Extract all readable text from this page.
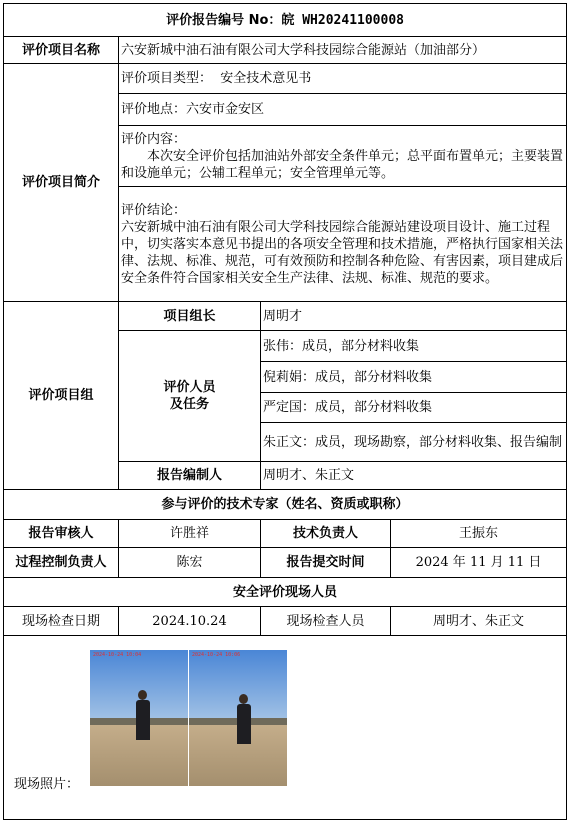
评价报告编号 No：皖 WH20241100008			
评价项目名称	六安新城中油石油有限公司大学科技园综合能源站（加油部分）		
评价项目简介	评价项目类型： 安全技术意见书		
	评价地点：六安市金安区		

	评价内容：
本次安全评价包括加油站外部安全条件单元；总平面布置单元；主要装置和设施单元；公辅工程单元；安全管理单元等。		

	评价结论：
六安新城中油石油有限公司大学科技园综合能源站建设项目设计、施工过程中，切实落实本意见书提出的各项安全管理和技术措施，严格执行国家相关法律、法规、标准、规范，可有效预防和控制各种危险、有害因素，项目建成后安全条件符合国家相关安全生产法律、法规、标准、规范的要求。		

评价项目组	项目组长	周明才	

	评价人员
及任务	张伟：成员，部分材料收集	
		倪莉娟：成员，部分材料收集	
		严定国：成员，部分材料收集	
		朱正文：成员，现场勘察，部分材料收集、报告编制	
	报告编制人	周明才、朱正文	
参与评价的技术专家（姓名、资质或职称）			
报告审核人	许胜祥	技术负责人	王振东
过程控制负责人	陈宏	报告提交时间	2024 年 11 月 11 日
安全评价现场人员			
现场检查日期	2024.10.24	现场检查人员	周明才、朱正文

2024-10-24 10:04 2024-10-24 10:06
现场照片：			
